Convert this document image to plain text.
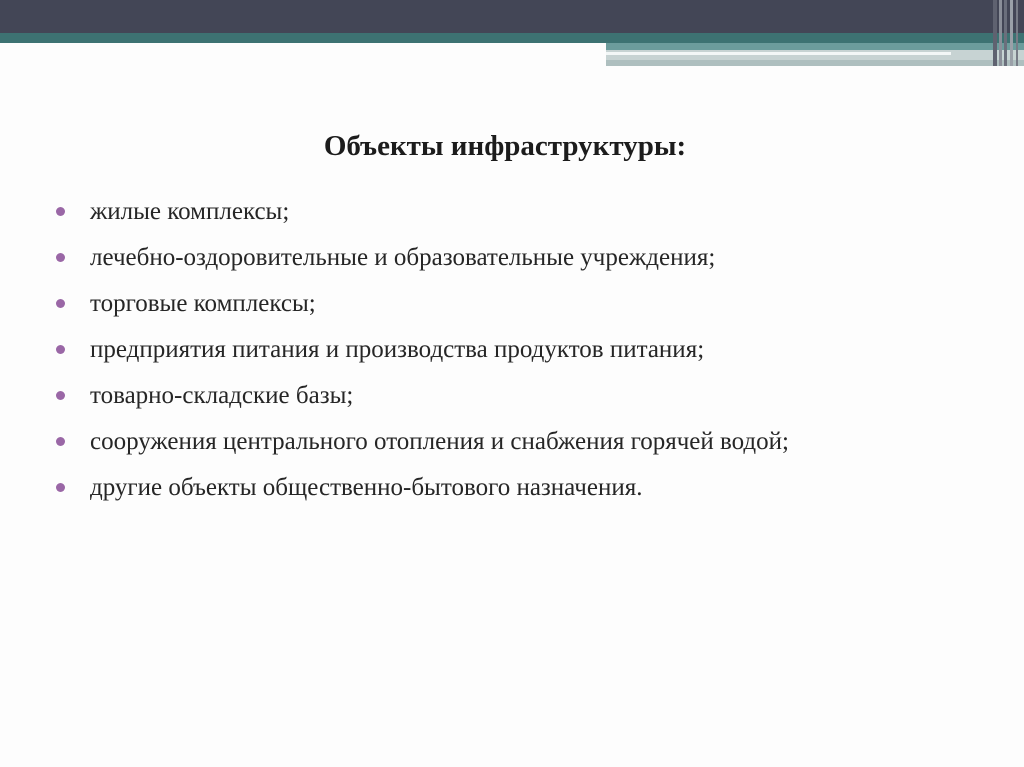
Объекты инфраструктуры:
жилые комплексы;
лечебно-оздоровительные и образовательные учреждения;
торговые комплексы;
предприятия питания и производства продуктов питания;
товарно-складские базы;
сооружения центрального отопления и снабжения горячей водой;
другие объекты общественно-бытового назначения.
